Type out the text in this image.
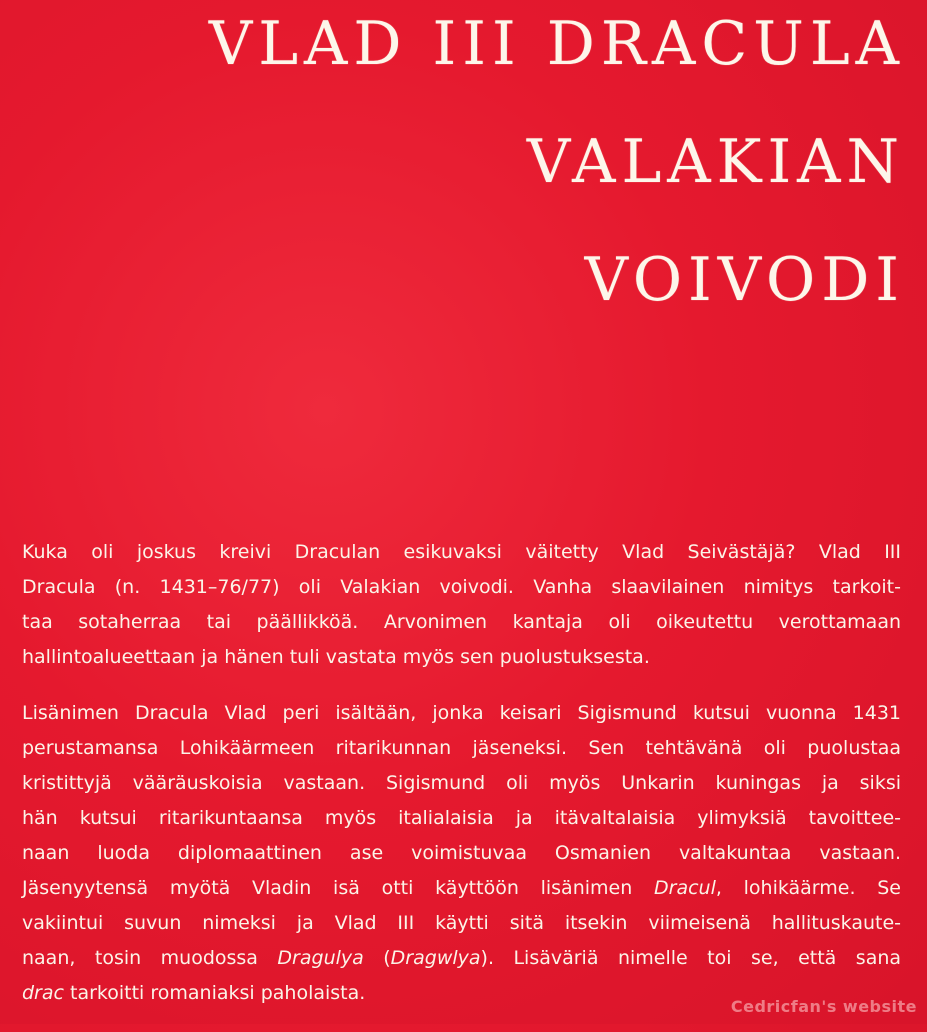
VLAD III DRACULA
VALAKIAN
VOIVODI
Kuka oli joskus kreivi Draculan esikuvaksi väitetty Vlad Seivästäjä? Vlad III
Dracula (n. 1431–76/77) oli Valakian voivodi. Vanha slaavilainen nimitys tarkoit-
taa sotaherraa tai päällikköä. Arvonimen kantaja oli oikeutettu verottamaan
hallintoalueettaan ja hänen tuli vastata myös sen puolustuksesta.
Lisänimen Dracula Vlad peri isältään, jonka keisari Sigismund kutsui vuonna 1431
perustamansa Lohikäärmeen ritarikunnan jäseneksi. Sen tehtävänä oli puolustaa
kristittyjä vääräuskoisia vastaan. Sigismund oli myös Unkarin kuningas ja siksi
hän kutsui ritarikuntaansa myös italialaisia ja itävaltalaisia ylimyksiä tavoittee-
naan luoda diplomaattinen ase voimistuvaa Osmanien valtakuntaa vastaan.
Jäsenyytensä myötä Vladin isä otti käyttöön lisänimen Dracul, lohikäärme. Se
vakiintui suvun nimeksi ja Vlad III käytti sitä itsekin viimeisenä hallituskaute-
naan, tosin muodossa Dragulya (Dragwlya). Lisäväriä nimelle toi se, että sana
drac tarkoitti romaniaksi paholaista.
Cedricfan's website
